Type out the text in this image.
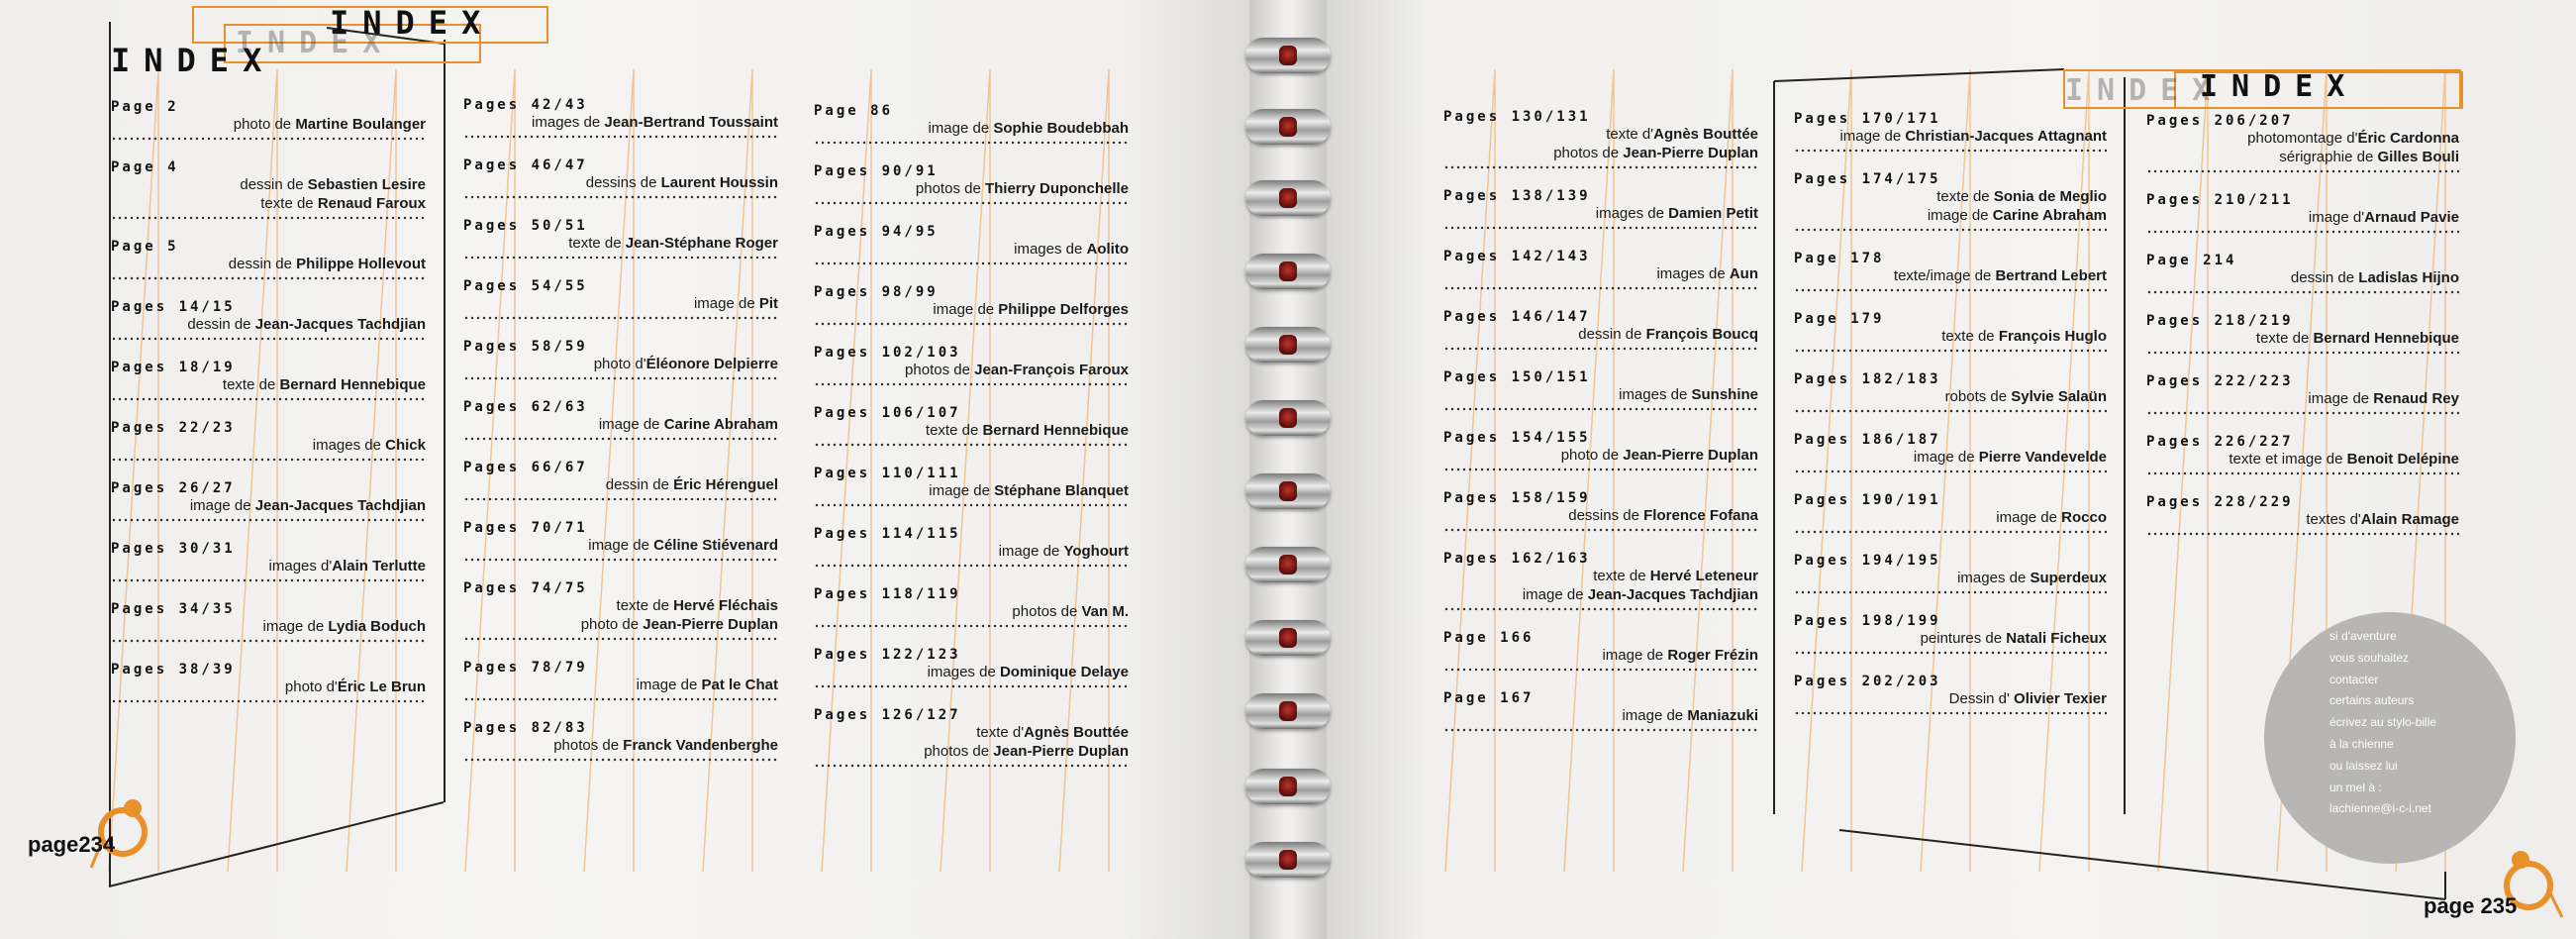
INDEX
INDEX
INDEX
INDEX
INDEX
Page 2
photo de Martine Boulanger
Page 4
dessin de Sebastien Lesire
texte de Renaud Faroux
Page 5
dessin de Philippe Hollevout
Pages 14/15
dessin de Jean-Jacques Tachdjian
Pages 18/19
texte de Bernard Hennebique
Pages 22/23
images de Chick
Pages 26/27
image de Jean-Jacques Tachdjian
Pages 30/31
images d'Alain Terlutte
Pages 34/35
image de Lydia Boduch
Pages 38/39
photo d'Éric Le Brun
Pages 42/43
images de Jean-Bertrand Toussaint
Pages 46/47
dessins de Laurent Houssin
Pages 50/51
texte de Jean-Stéphane Roger
Pages 54/55
image de Pit
Pages 58/59
photo d'Éléonore Delpierre
Pages 62/63
image de Carine Abraham
Pages 66/67
dessin de Éric Hérenguel
Pages 70/71
image de Céline Stiévenard
Pages 74/75
texte de Hervé Fléchais
photo de Jean-Pierre Duplan
Pages 78/79
image de Pat le Chat
Pages 82/83
photos de Franck Vandenberghe
Page 86
image de Sophie Boudebbah
Pages 90/91
photos de Thierry Duponchelle
Pages 94/95
images de Aolito
Pages 98/99
image de Philippe Delforges
Pages 102/103
photos de Jean-François Faroux
Pages 106/107
texte de Bernard Hennebique
Pages 110/111
image de Stéphane Blanquet
Pages 114/115
image de Yoghourt
Pages 118/119
photos de Van M.
Pages 122/123
images de Dominique Delaye
Pages 126/127
texte d'Agnès Bouttée
photos de Jean-Pierre Duplan
Pages 130/131
texte d'Agnès Bouttée
photos de Jean-Pierre Duplan
Pages 138/139
images de Damien Petit
Pages 142/143
images de Aun
Pages 146/147
dessin de François Boucq
Pages 150/151
images de Sunshine
Pages 154/155
photo de Jean-Pierre Duplan
Pages 158/159
dessins de Florence Fofana
Pages 162/163
texte de Hervé Leteneur
image de Jean-Jacques Tachdjian
Page 166
image de Roger Frézin
Page 167
image de Maniazuki
Pages 170/171
image de Christian-Jacques Attagnant
Pages 174/175
texte de Sonia de Meglio
image de Carine Abraham
Page 178
texte/image de Bertrand Lebert
Page 179
texte de François Huglo
Pages 182/183
robots de Sylvie Salaün
Pages 186/187
image de Pierre Vandevelde
Pages 190/191
image de Rocco
Pages 194/195
images de Superdeux
Pages 198/199
peintures de Natali Ficheux
Pages 202/203
Dessin d' Olivier Texier
Pages 206/207
photomontage d'Éric Cardonna
sérigraphie de Gilles Bouli
Pages 210/211
image d'Arnaud Pavie
Page 214
dessin de Ladislas Hijno
Pages 218/219
texte de Bernard Hennebique
Pages 222/223
image de Renaud Rey
Pages 226/227
texte et image de Benoit Delépine
Pages 228/229
textes d'Alain Ramage
si d'aventure
vous souhaitez
contacter
certains auteurs
écrivez au stylo-bille
à la chienne
ou laissez lui
un mel à :
lachienne@i-c-i.net
page234
page 235
